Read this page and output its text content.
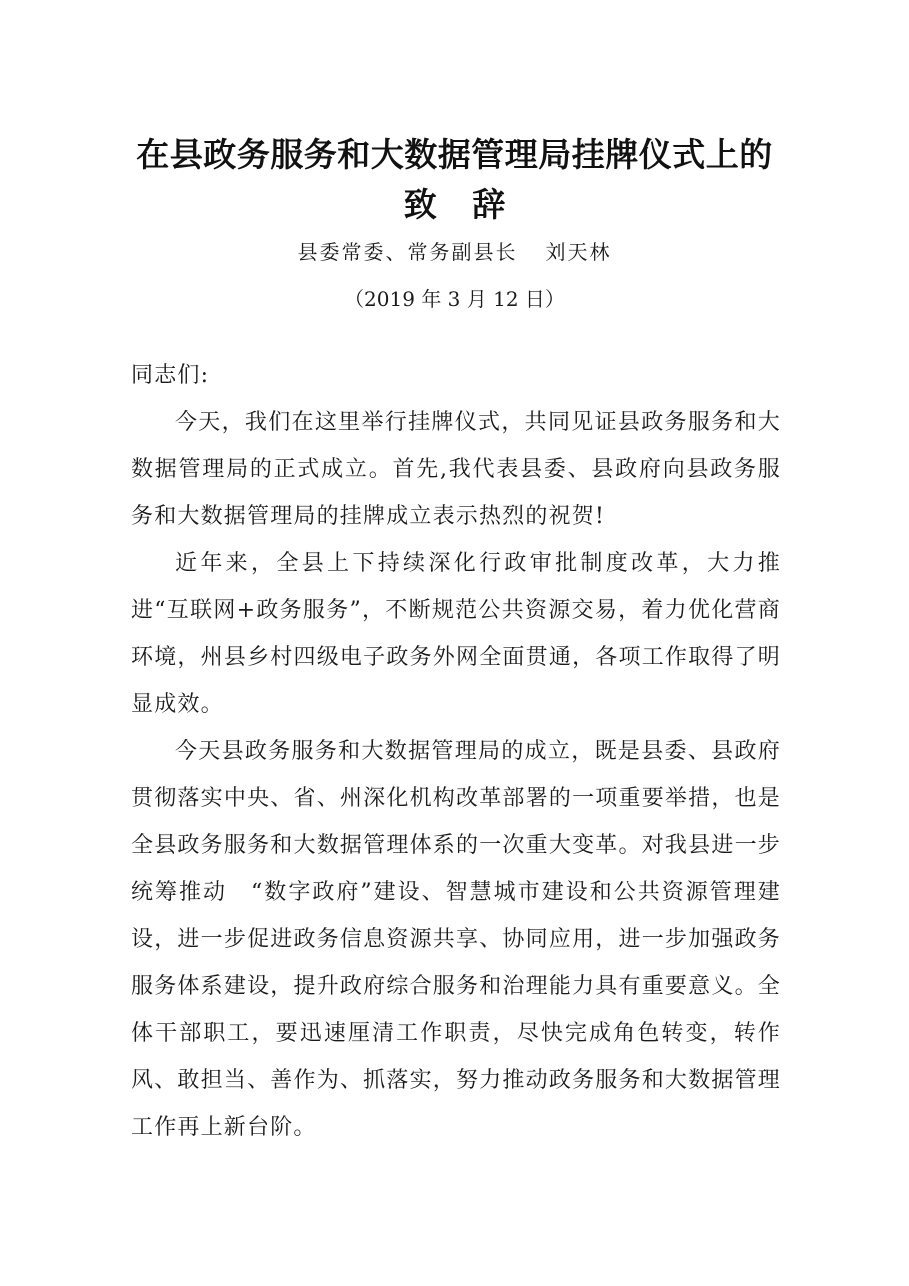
在县政务服务和大数据管理局挂牌仪式上的
致 辞
县委常委、常务副县长 刘天林
（2019 年 3 月 12 日）

同志们:

今天，我们在这里举行挂牌仪式，共同见证县政务服务和大数据管理局的正式成立。首先,我代表县委、县政府向县政务服务和大数据管理局的挂牌成立表示热烈的祝贺!

近年来，全县上下持续深化行政审批制度改革，大力推进“互联网+政务服务”，不断规范公共资源交易，着力优化营商环境，州县乡村四级电子政务外网全面贯通，各项工作取得了明显成效。

今天县政务服务和大数据管理局的成立，既是县委、县政府贯彻落实中央、省、州深化机构改革部署的一项重要举措，也是全县政务服务和大数据管理体系的一次重大变革。对我县进一步统筹推动　“数字政府”建设、智慧城市建设和公共资源管理建设，进一步促进政务信息资源共享、协同应用，进一步加强政务服务体系建设，提升政府综合服务和治理能力具有重要意义。全体干部职工，要迅速厘清工作职责，尽快完成角色转变，转作风、敢担当、善作为、抓落实，努力推动政务服务和大数据管理工作再上新台阶。
